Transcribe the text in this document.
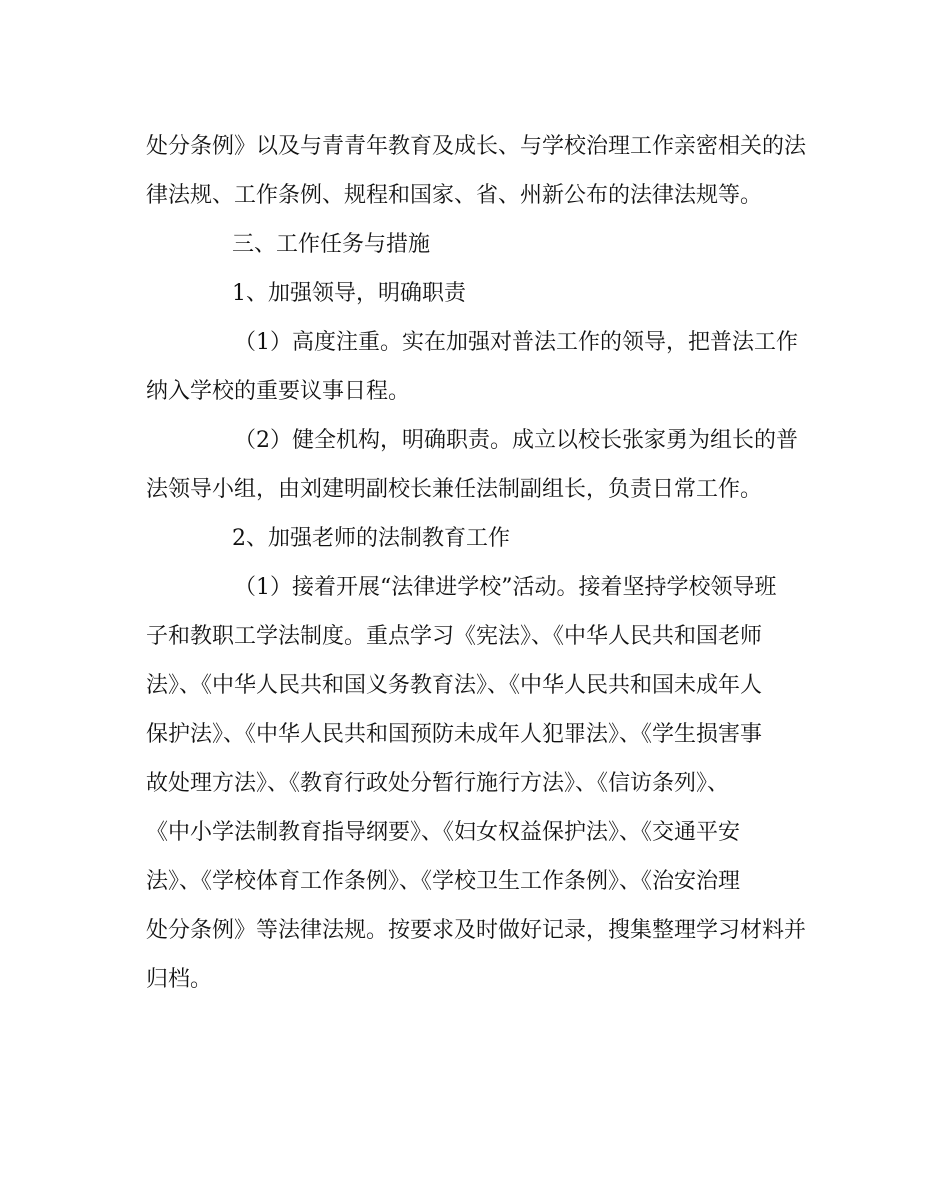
处分条例》以及与青青年教育及成长、与学校治理工作亲密相关的法
律法规、工作条例、规程和国家、省、州新公布的法律法规等。
三、工作任务与措施
1、加强领导，明确职责
（1）高度注重。实在加强对普法工作的领导，把普法工作
纳入学校的重要议事日程。
（2）健全机构，明确职责。成立以校长张家勇为组长的普
法领导小组，由刘建明副校长兼任法制副组长，负责日常工作。
2、加强老师的法制教育工作
（1）接着开展“法律进学校”活动。接着坚持学校领导班
子和教职工学法制度。重点学习《宪法》、《中华人民共和国老师
法》、《中华人民共和国义务教育法》、《中华人民共和国未成年人
保护法》、《中华人民共和国预防未成年人犯罪法》、《学生损害事
故处理方法》、《教育行政处分暂行施行方法》、《信访条列》、
《中小学法制教育指导纲要》、《妇女权益保护法》、《交通平安
法》、《学校体育工作条例》、《学校卫生工作条例》、《治安治理
处分条例》等法律法规。按要求及时做好记录，搜集整理学习材料并
归档。
